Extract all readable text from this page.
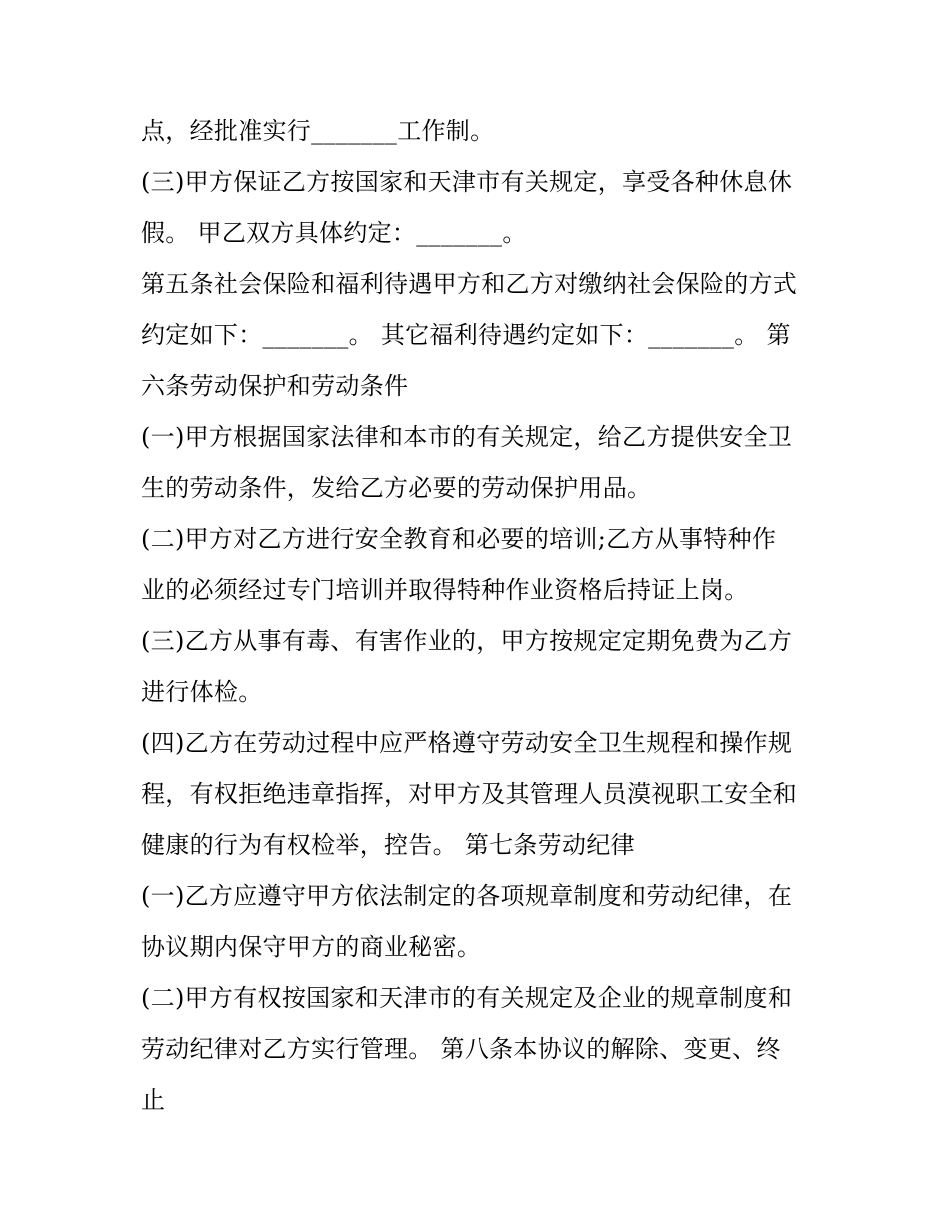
点，经批准实行_______工作制。
(三)甲方保证乙方按国家和天津市有关规定，享受各种休息休
假。 甲乙双方具体约定：_______。
第五条社会保险和福利待遇甲方和乙方对缴纳社会保险的方式
约定如下：_______。 其它福利待遇约定如下：_______。 第
六条劳动保护和劳动条件
(一)甲方根据国家法律和本市的有关规定，给乙方提供安全卫
生的劳动条件，发给乙方必要的劳动保护用品。
(二)甲方对乙方进行安全教育和必要的培训;乙方从事特种作
业的必须经过专门培训并取得特种作业资格后持证上岗。
(三)乙方从事有毒、有害作业的，甲方按规定定期免费为乙方
进行体检。
(四)乙方在劳动过程中应严格遵守劳动安全卫生规程和操作规
程，有权拒绝违章指挥，对甲方及其管理人员漠视职工安全和
健康的行为有权检举，控告。 第七条劳动纪律
(一)乙方应遵守甲方依法制定的各项规章制度和劳动纪律，在
协议期内保守甲方的商业秘密。
(二)甲方有权按国家和天津市的有关规定及企业的规章制度和
劳动纪律对乙方实行管理。 第八条本协议的解除、变更、终
止
